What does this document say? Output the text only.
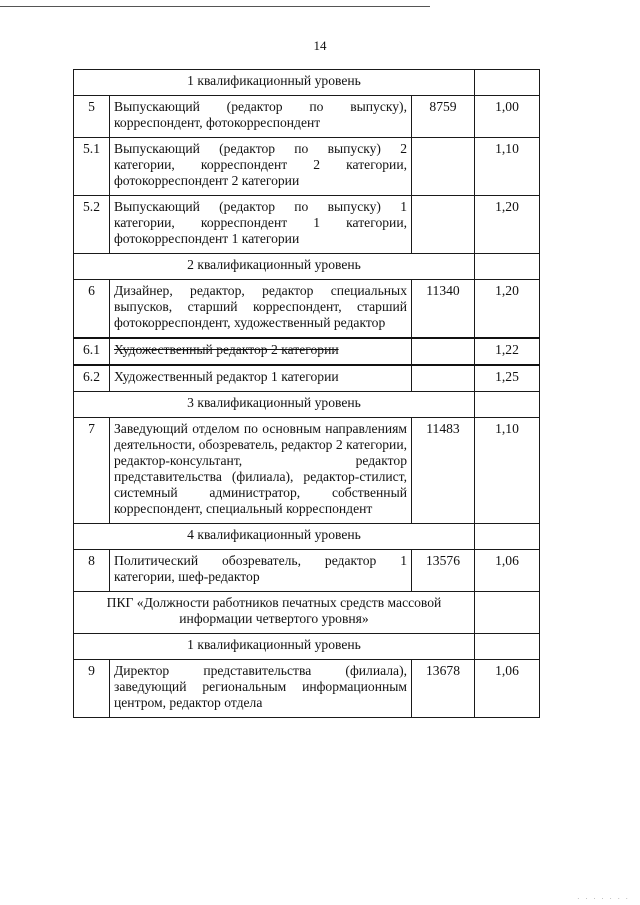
14
1 квалификационный уровень			
5	Выпускающий (редактор по выпуску), корреспондент, фотокорреспондент	8759	1,00
5.1	Выпускающий (редактор по выпуску) 2 категории, корреспондент 2 категории, фотокорреспондент 2 категории		1,10
5.2	Выпускающий (редактор по выпуску) 1 категории, корреспондент 1 категории, фотокорреспондент 1 категории		1,20
2 квалификационный уровень			
6	Дизайнер, редактор, редактор специальных выпусков, старший корреспондент, старший фотокорреспондент, художественный редактор	11340	1,20
6.1	Художественный редактор 2 категории		1,22
6.2	Художественный редактор 1 категории		1,25
3 квалификационный уровень			
7	Заведующий отделом по основным направлениям деятельности, обозреватель, редактор 2 категории, редактор-консультант, редактор представительства (филиала), редактор-стилист, системный администратор, собственный корреспондент, специальный корреспондент	11483	1,10
4 квалификационный уровень			
8	Политический обозреватель, редактор 1 категории, шеф-редактор	13576	1,06
ПКГ «Должности работников печатных средств массовой информации четвертого уровня»			
1 квалификационный уровень			
9	Директор представительства (филиала), заведующий региональным информационным центром, редактор отдела	13678	1,06
· · · · · · ·
